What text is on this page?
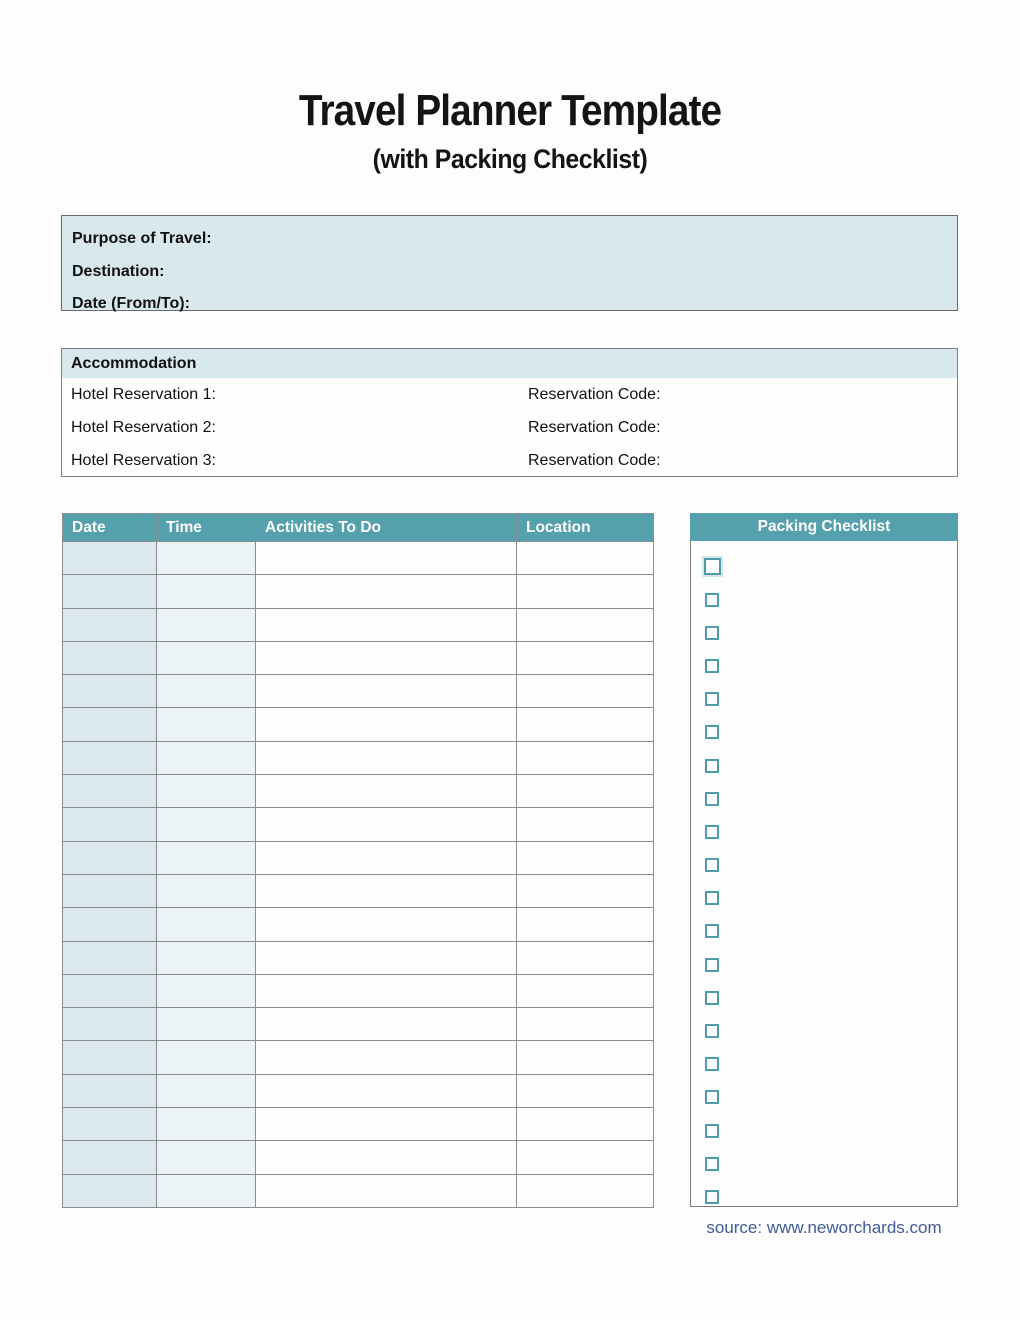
Travel Planner Template
(with Packing Checklist)
Purpose of Travel:
Destination:
Date (From/To):
Accommodation
Hotel Reservation 1:	Reservation Code:
Hotel Reservation 2:	Reservation Code:
Hotel Reservation 3:	Reservation Code:
Date	Time	Activities To Do	Location

				Packing Checklist
source: www.neworchards.com
